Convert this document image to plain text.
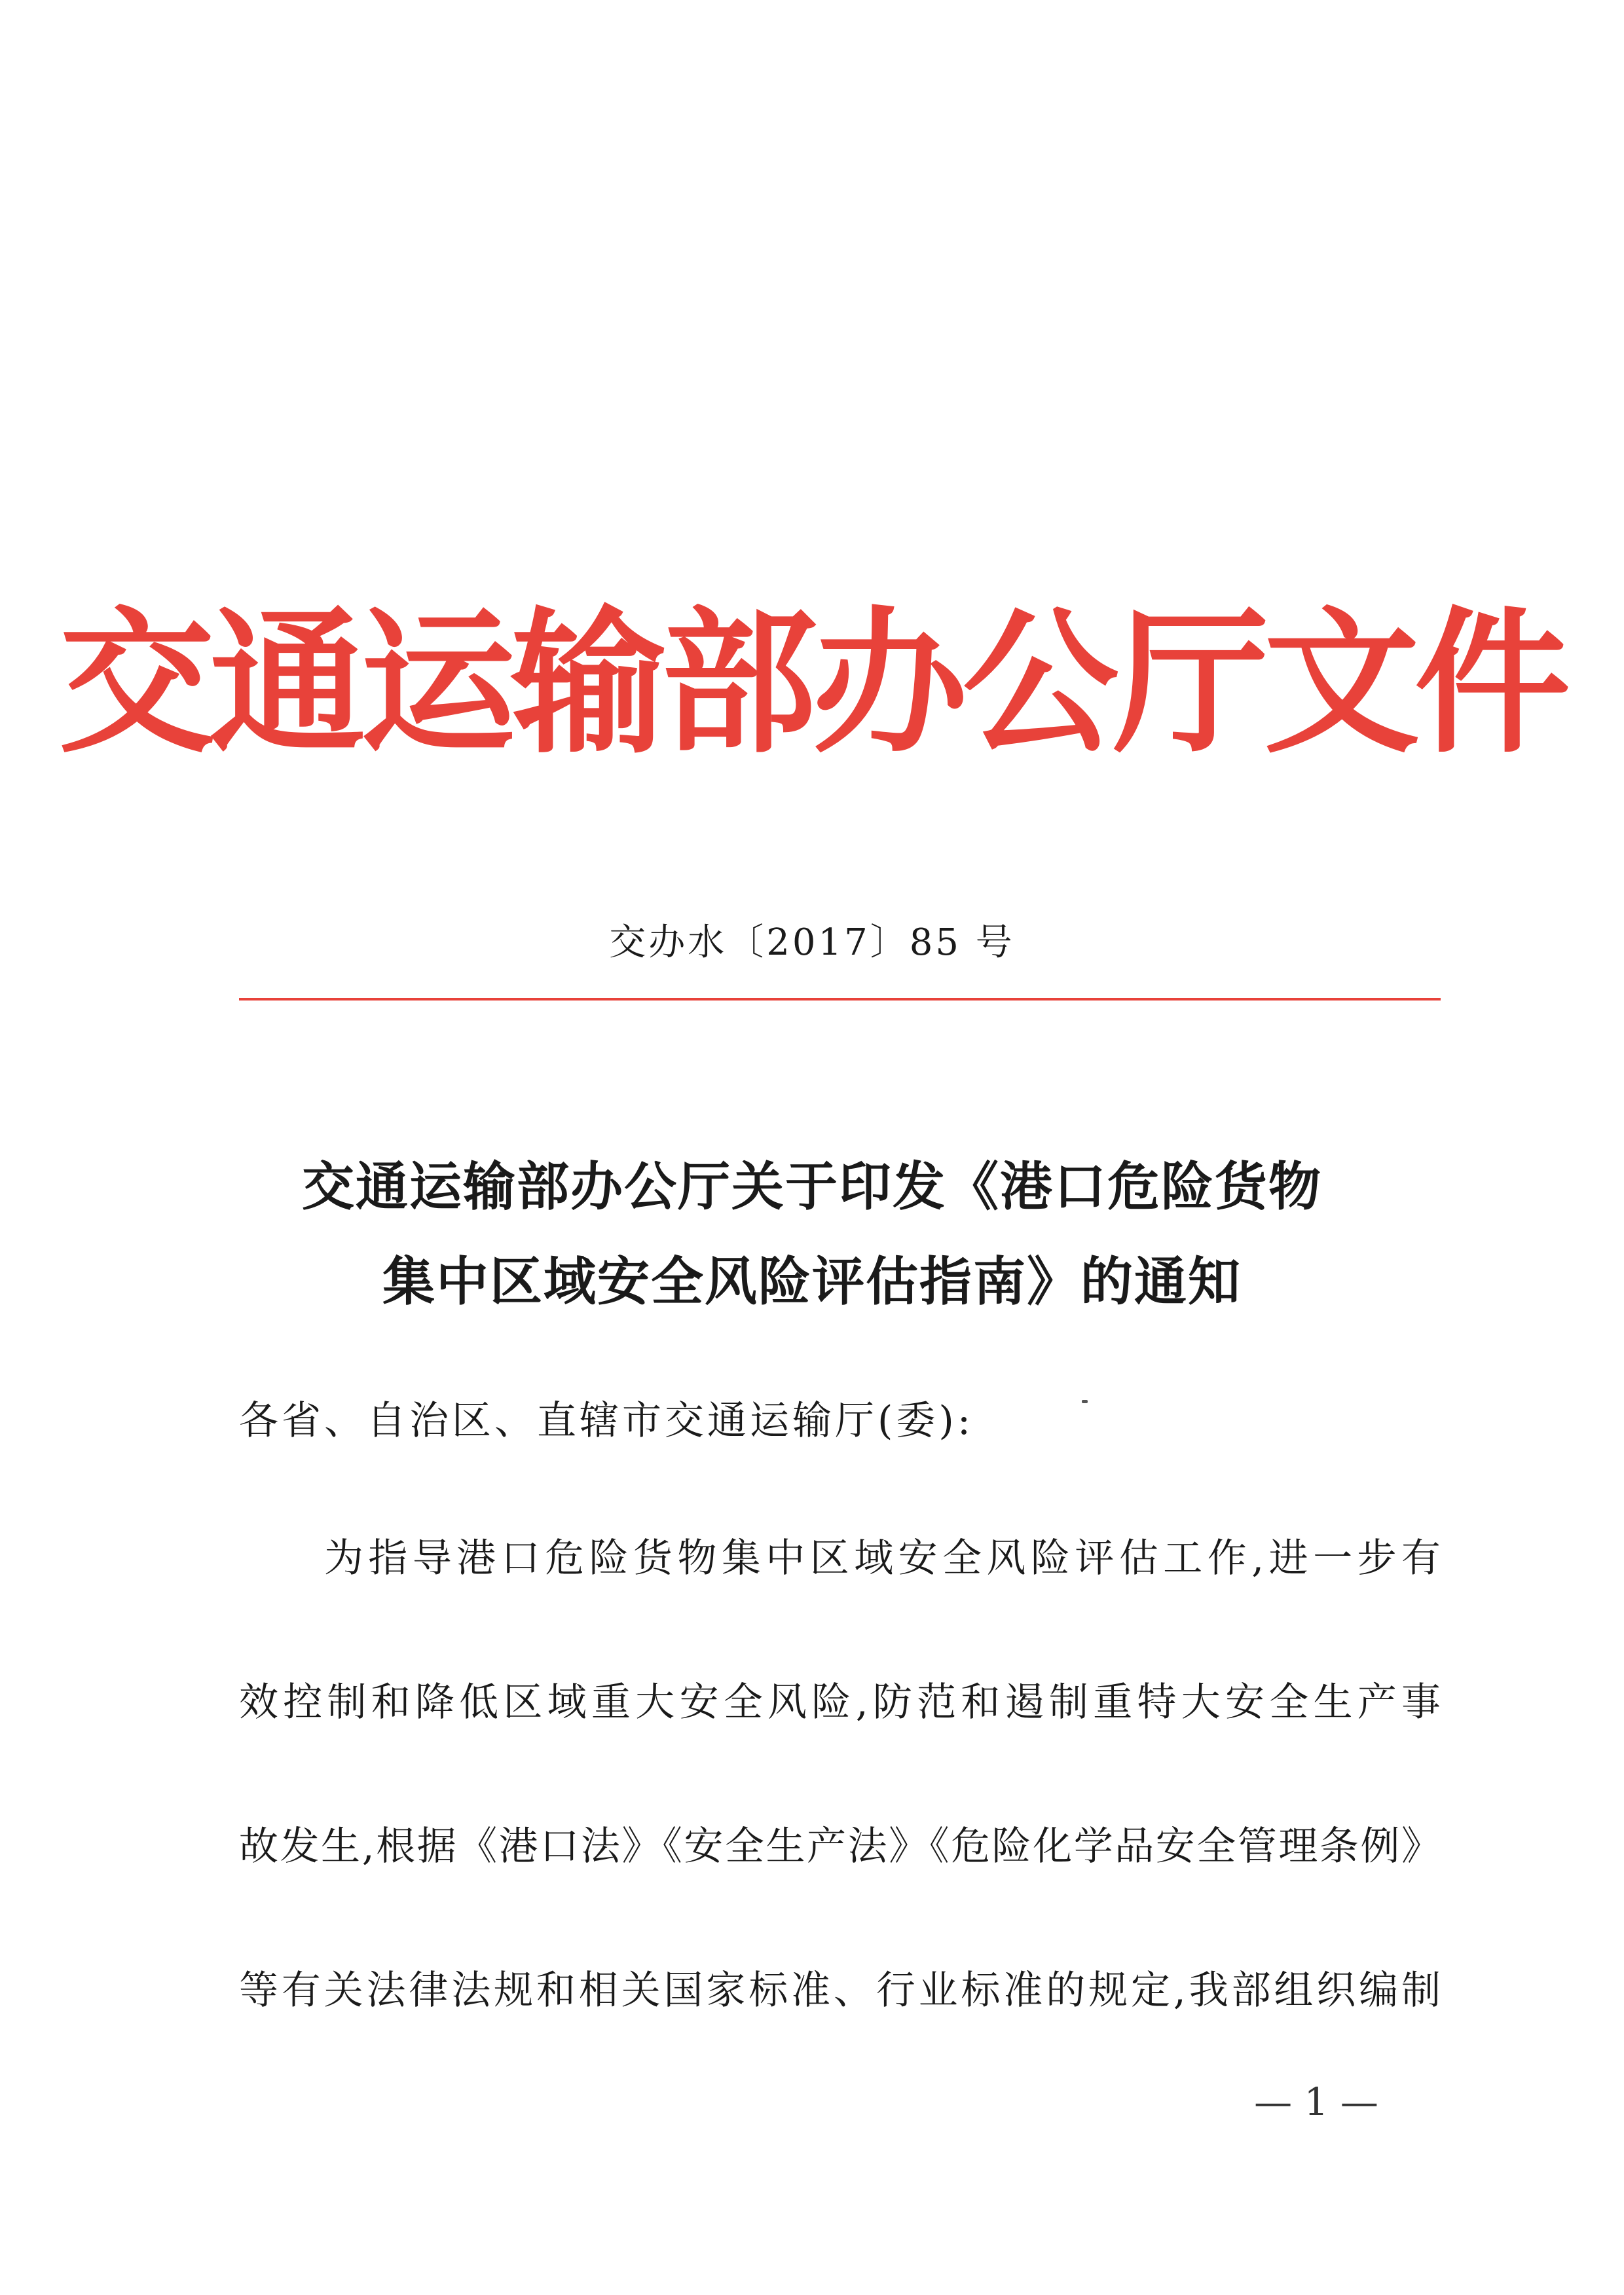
交通运输部办公厅文件
交办水〔2017〕85 号
交通运输部办公厅关于印发《港口危险货物
集中区域安全风险评估指南》的通知
各省、自治区、直辖市交通运输厅(委):
为指导港口危险货物集中区域安全风险评估工作,进一步有
效控制和降低区域重大安全风险,防范和遏制重特大安全生产事
故发生,根据《港口法》《安全生产法》《危险化学品安全管理条例》
等有关法律法规和相关国家标准、行业标准的规定,我部组织编制
— 1 —
